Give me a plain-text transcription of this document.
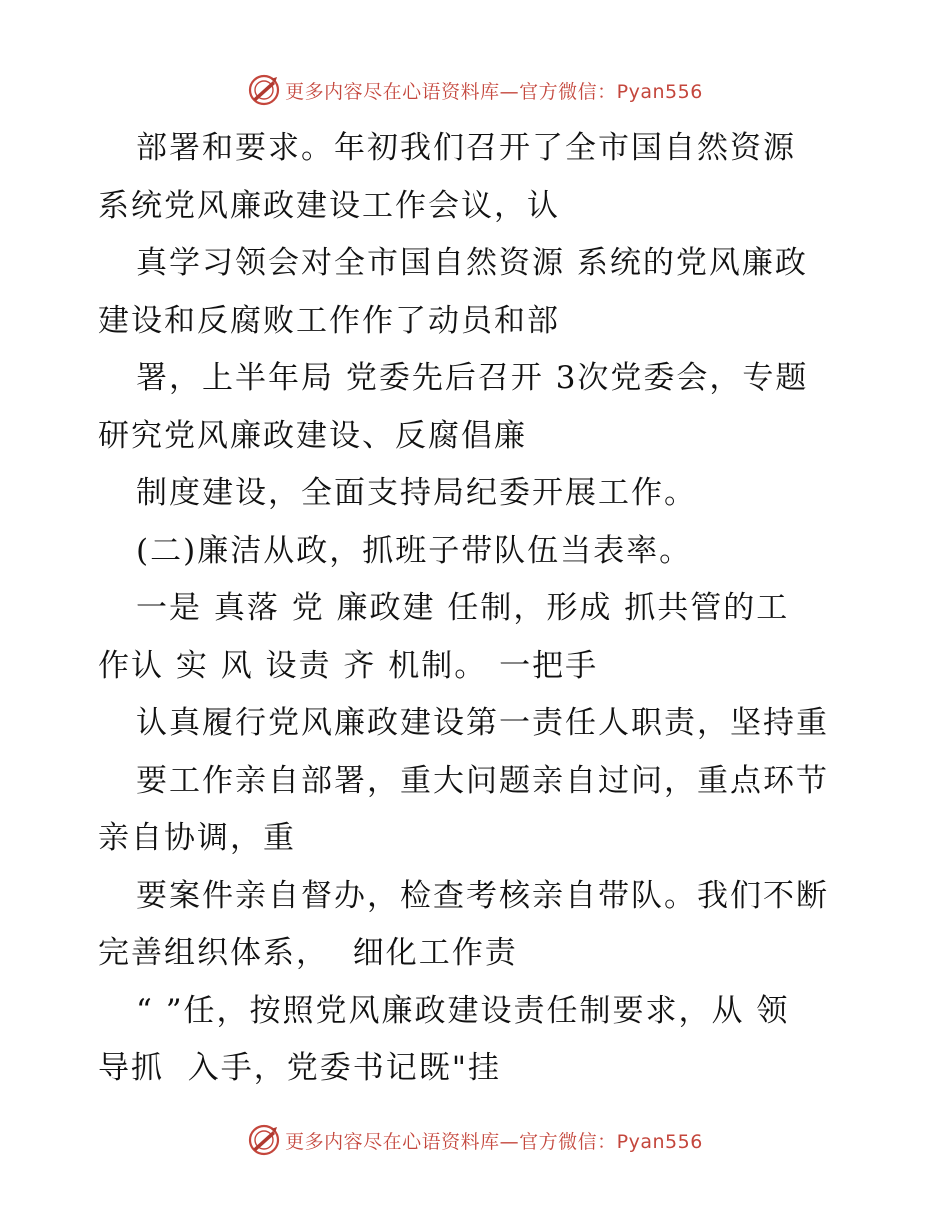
更多内容尽在心语资料库—官方微信：Pyan556
部署和要求。年初我们召开了全市国自然资源
系统党风廉政建设工作会议，认
真学习领会对全市国自然资源 系统的党风廉政
建设和反腐败工作作了动员和部
署，上半年局 党委先后召开 3次党委会，专题
研究党风廉政建设、反腐倡廉
制度建设，全面支持局纪委开展工作。
(二)廉洁从政，抓班子带队伍当表率。
一是 真落 党 廉政建 任制，形成 抓共管的工
作认 实 风 设责 齐 机制。 一把手
认真履行党风廉政建设第一责任人职责，坚持重
要工作亲自部署，重大问题亲自过问，重点环节
亲自协调，重
要案件亲自督办，检查考核亲自带队。我们不断
完善组织体系，  细化工作责
“ ”任，按照党风廉政建设责任制要求，从 领
导抓  入手，党委书记既"挂
更多内容尽在心语资料库—官方微信：Pyan556
